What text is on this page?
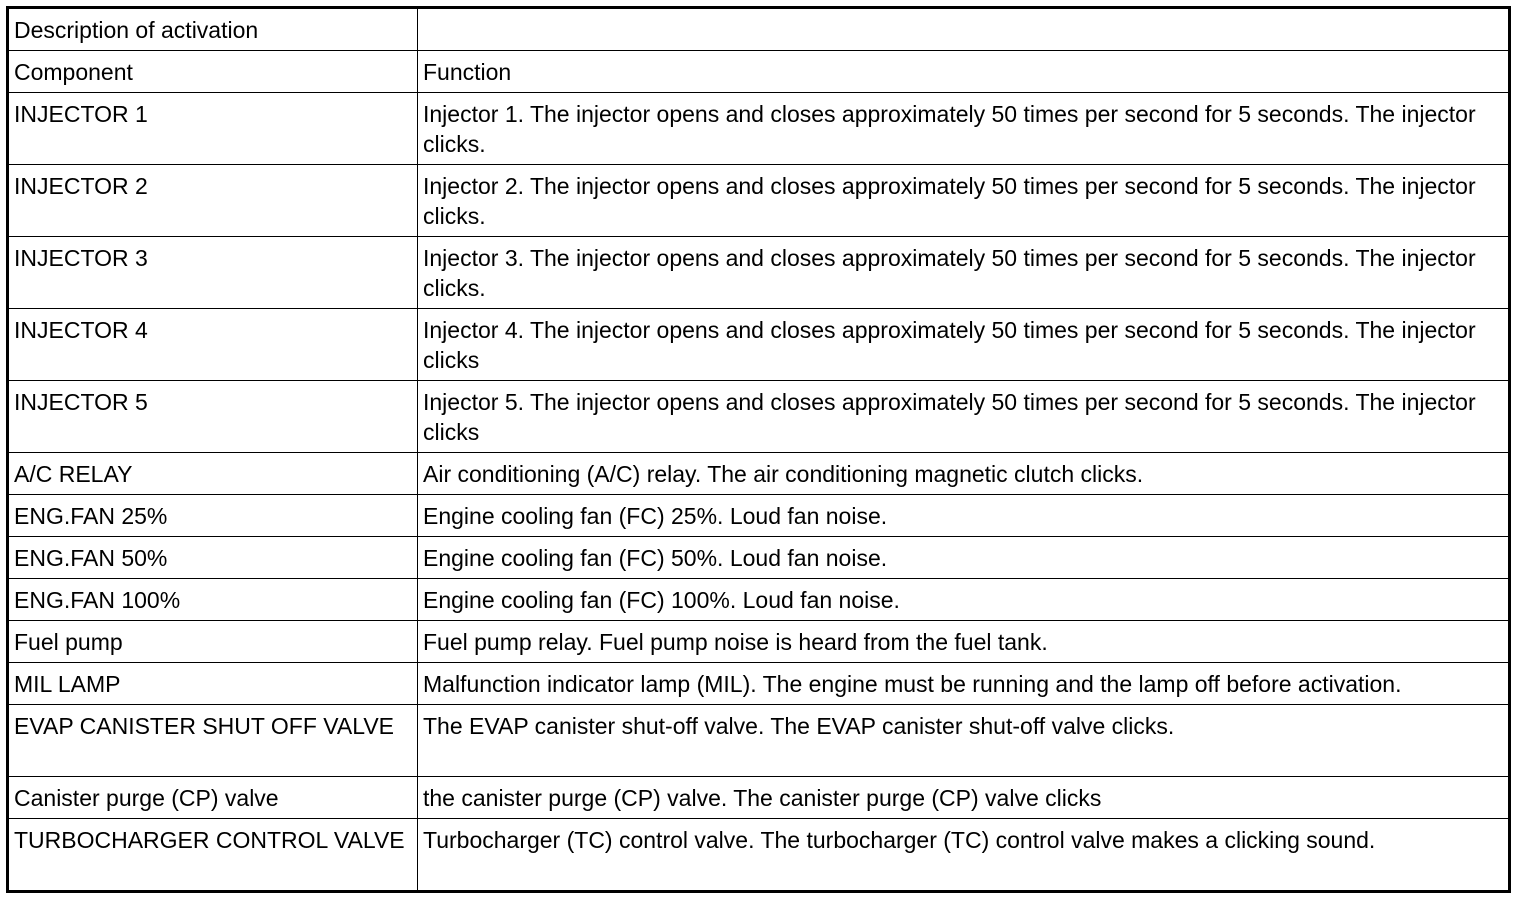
Description of activation	
Component	Function
INJECTOR 1	Injector 1. The injector opens and closes approximately 50 times per second for 5 seconds. The injector clicks.
INJECTOR 2	Injector 2. The injector opens and closes approximately 50 times per second for 5 seconds. The injector clicks.
INJECTOR 3	Injector 3. The injector opens and closes approximately 50 times per second for 5 seconds. The injector clicks.
INJECTOR 4	Injector 4. The injector opens and closes approximately 50 times per second for 5 seconds. The injector clicks
INJECTOR 5	Injector 5. The injector opens and closes approximately 50 times per second for 5 seconds. The injector clicks
A/C RELAY	Air conditioning (A/C) relay. The air conditioning magnetic clutch clicks.
ENG.FAN 25%	Engine cooling fan (FC) 25%. Loud fan noise.
ENG.FAN 50%	Engine cooling fan (FC) 50%. Loud fan noise.
ENG.FAN 100%	Engine cooling fan (FC) 100%. Loud fan noise.
Fuel pump	Fuel pump relay. Fuel pump noise is heard from the fuel tank.
MIL LAMP	Malfunction indicator lamp (MIL). The engine must be running and the lamp off before activation.
EVAP CANISTER SHUT OFF VALVE	The EVAP canister shut-off valve. The EVAP canister shut-off valve clicks.
Canister purge (CP) valve	the canister purge (CP) valve. The canister purge (CP) valve clicks
TURBOCHARGER CONTROL VALVE	Turbocharger (TC) control valve. The turbocharger (TC) control valve makes a clicking sound.
